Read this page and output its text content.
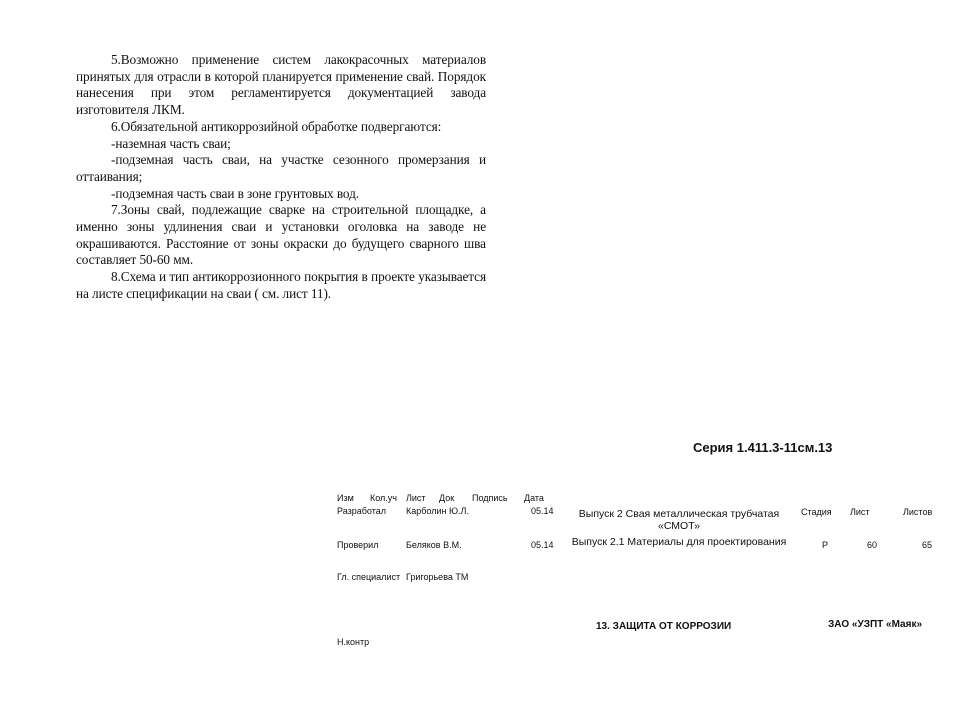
5.Возможно применение систем лакокрасочных материалов принятых для отрасли в которой планируется применение свай. Порядок нанесения при этом регламентируется документацией завода изготовителя ЛКМ.

6.Обязательной антикоррозийной обработке подвергаются:

-наземная часть сваи;

-подземная часть сваи, на участке сезонного промерзания и оттаивания;

-подземная часть сваи в зоне грунтовых вод.

7.Зоны свай, подлежащие сварке на строительной площадке, а именно зоны удлинения сваи и установки оголовка на заводе не окрашиваются. Расстояние от зоны окраски до будущего сварного шва составляет 50-60 мм.

8.Схема и тип антикоррозионного покрытия в проекте указывается на листе спецификации на сваи ( см. лист 11).

Серия 1.411.3-11см.13
Изм Кол.уч Лист Док Подпись Дата
Разработал Карболин Ю.Л.	05.14
Проверил	Беляков В.М.	05.14
Гл. специалист Григорьева ТМ
Н.контр
Выпуск 2 Свая металлическая трубчатая «СМОТ»
Выпуск 2.1 Материалы для проектирования
Стадия Лист	Листов
Р	60	65
13. ЗАЩИТА ОТ КОРРОЗИИ	ЗАО «УЗПТ «Маяк»
